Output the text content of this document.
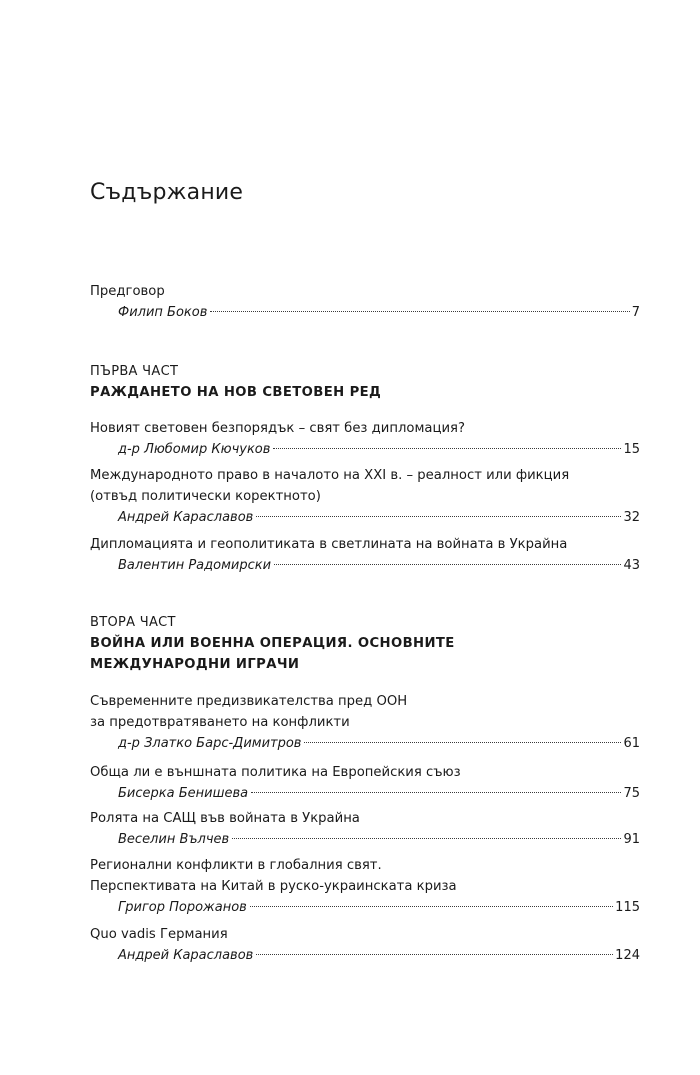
Съдържание
Предговор
Филип Боков	7
ПЪРВА ЧАСТ
РАЖДАНЕТО НА НОВ СВЕТОВЕН РЕД
Новият световен безпорядък – свят без дипломация?
д-р Любомир Кючуков	15
Международното право в началото на XXI в. – реалност или фикция
(отвъд политически коректното)
Андрей Караславов	32
Дипломацията и геополитиката в светлината на войната в Украйна
Валентин Радомирски	43
ВТОРА ЧАСТ
ВОЙНА ИЛИ ВОЕННА ОПЕРАЦИЯ. ОСНОВНИТЕ
МЕЖДУНАРОДНИ ИГРАЧИ
Съвременните предизвикателства пред ООН
за предотвратяването на конфликти
д-р Златко Барс-Димитров	61
Обща ли е външната политика на Европейския съюз
Бисерка Бенишева	75
Ролята на САЩ във войната в Украйна
Веселин Вълчев	91
Регионални конфликти в глобалния свят.
Перспективата на Китай в руско-украинската криза
Григор Порожанов	115
Quo vadis Германия
Андрей Караславов	124
